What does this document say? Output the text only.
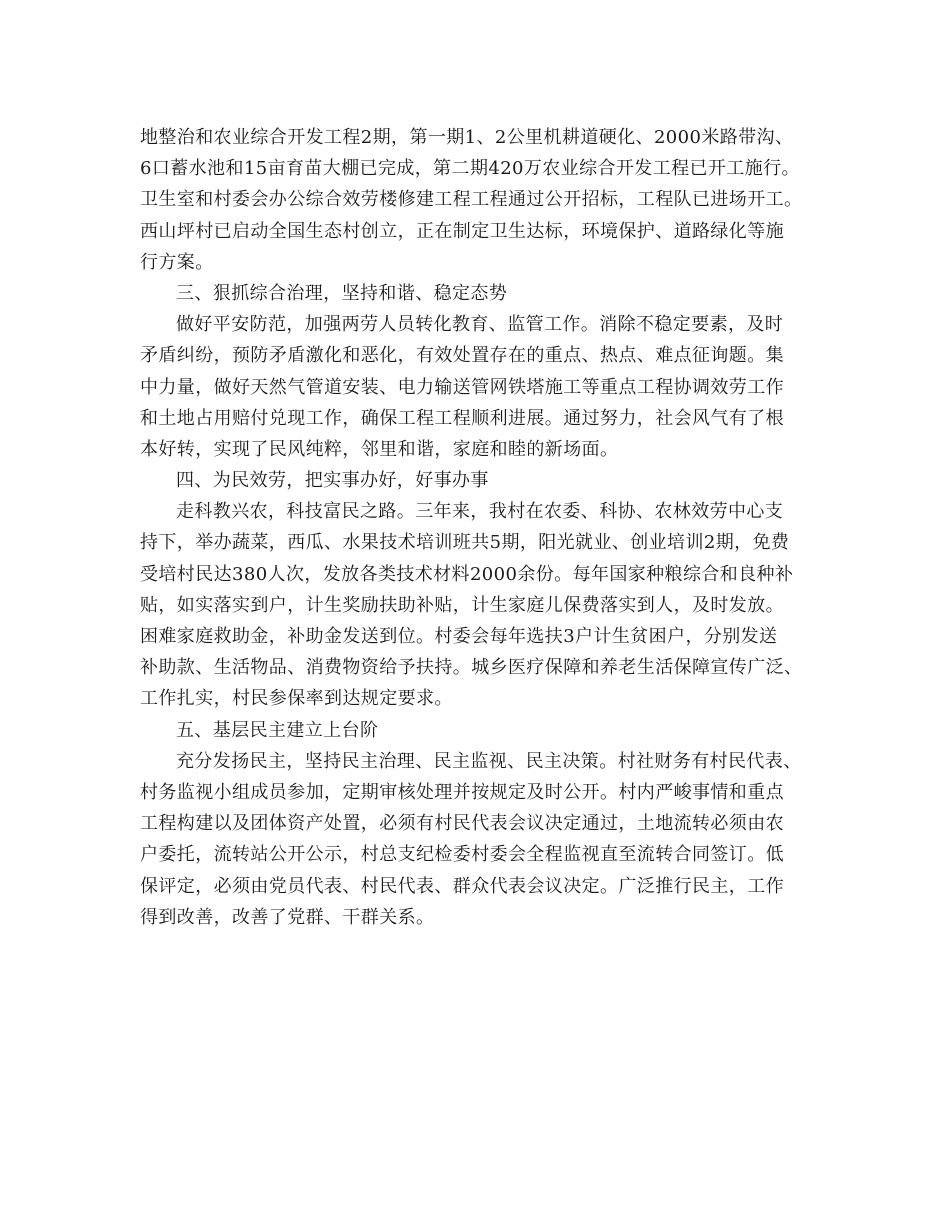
地整治和农业综合开发工程2期，第一期1、2公里机耕道硬化、2000米路带沟、
6口蓄水池和15亩育苗大棚已完成，第二期420万农业综合开发工程已开工施行。
卫生室和村委会办公综合效劳楼修建工程工程通过公开招标，工程队已进场开工。
西山坪村已启动全国生态村创立，正在制定卫生达标，环境保护、道路绿化等施
行方案。
三、狠抓综合治理，坚持和谐、稳定态势
做好平安防范，加强两劳人员转化教育、监管工作。消除不稳定要素，及时
矛盾纠纷，预防矛盾激化和恶化，有效处置存在的重点、热点、难点征询题。集
中力量，做好天然气管道安装、电力输送管网铁塔施工等重点工程协调效劳工作
和土地占用赔付兑现工作，确保工程工程顺利进展。通过努力，社会风气有了根
本好转，实现了民风纯粹，邻里和谐，家庭和睦的新场面。
四、为民效劳，把实事办好，好事办事
走科教兴农，科技富民之路。三年来，我村在农委、科协、农林效劳中心支
持下，举办蔬菜，西瓜、水果技术培训班共5期，阳光就业、创业培训2期，免费
受培村民达380人次，发放各类技术材料2000余份。每年国家种粮综合和良种补
贴，如实落实到户，计生奖励扶助补贴，计生家庭儿保费落实到人，及时发放。
困难家庭救助金，补助金发送到位。村委会每年选扶3户计生贫困户，分别发送
补助款、生活物品、消费物资给予扶持。城乡医疗保障和养老生活保障宣传广泛、
工作扎实，村民参保率到达规定要求。
五、基层民主建立上台阶
充分发扬民主，坚持民主治理、民主监视、民主决策。村社财务有村民代表、
村务监视小组成员参加，定期审核处理并按规定及时公开。村内严峻事情和重点
工程构建以及团体资产处置，必须有村民代表会议决定通过，土地流转必须由农
户委托，流转站公开公示，村总支纪检委村委会全程监视直至流转合同签订。低
保评定，必须由党员代表、村民代表、群众代表会议决定。广泛推行民主，工作
得到改善，改善了党群、干群关系。
